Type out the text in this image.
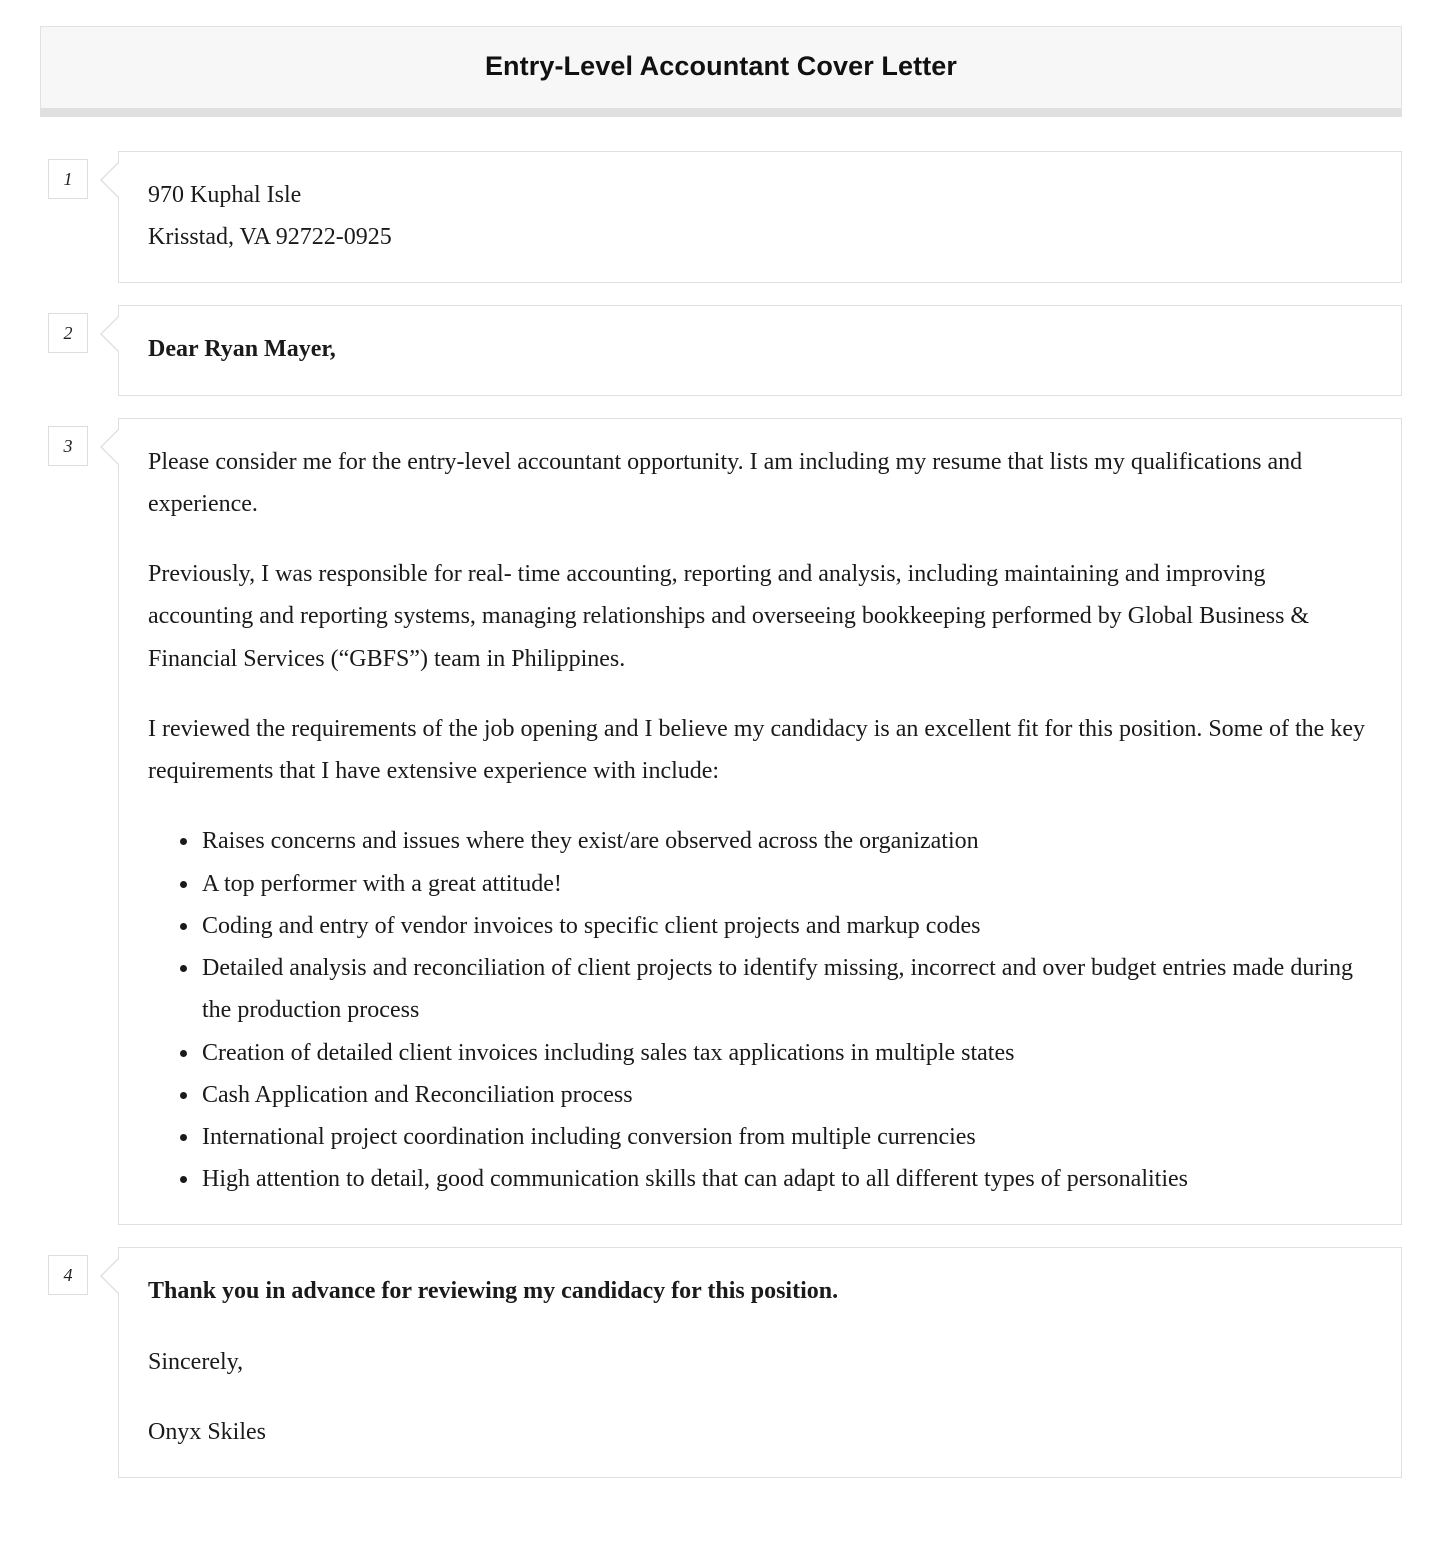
Entry-Level Accountant Cover Letter
1

970 Kuphal Isle
Krisstad, VA 92722-0925

2

Dear Ryan Mayer,

3

Please consider me for the entry-level accountant opportunity. I am including my resume that lists my qualifications and experience.

Previously, I was responsible for real- time accounting, reporting and analysis, including maintaining and improving accounting and reporting systems, managing relationships and overseeing bookkeeping performed by Global Business & Financial Services (“GBFS”) team in Philippines.

I reviewed the requirements of the job opening and I believe my candidacy is an excellent fit for this position. Some of the key requirements that I have extensive experience with include:

• Raises concerns and issues where they exist/are observed across the organization
• A top performer with a great attitude!
• Coding and entry of vendor invoices to specific client projects and markup codes
• Detailed analysis and reconciliation of client projects to identify missing, incorrect and over budget entries made during the production process
• Creation of detailed client invoices including sales tax applications in multiple states
• Cash Application and Reconciliation process
• International project coordination including conversion from multiple currencies
• High attention to detail, good communication skills that can adapt to all different types of personalities
4

Thank you in advance for reviewing my candidacy for this position.

Sincerely,

Onyx Skiles
